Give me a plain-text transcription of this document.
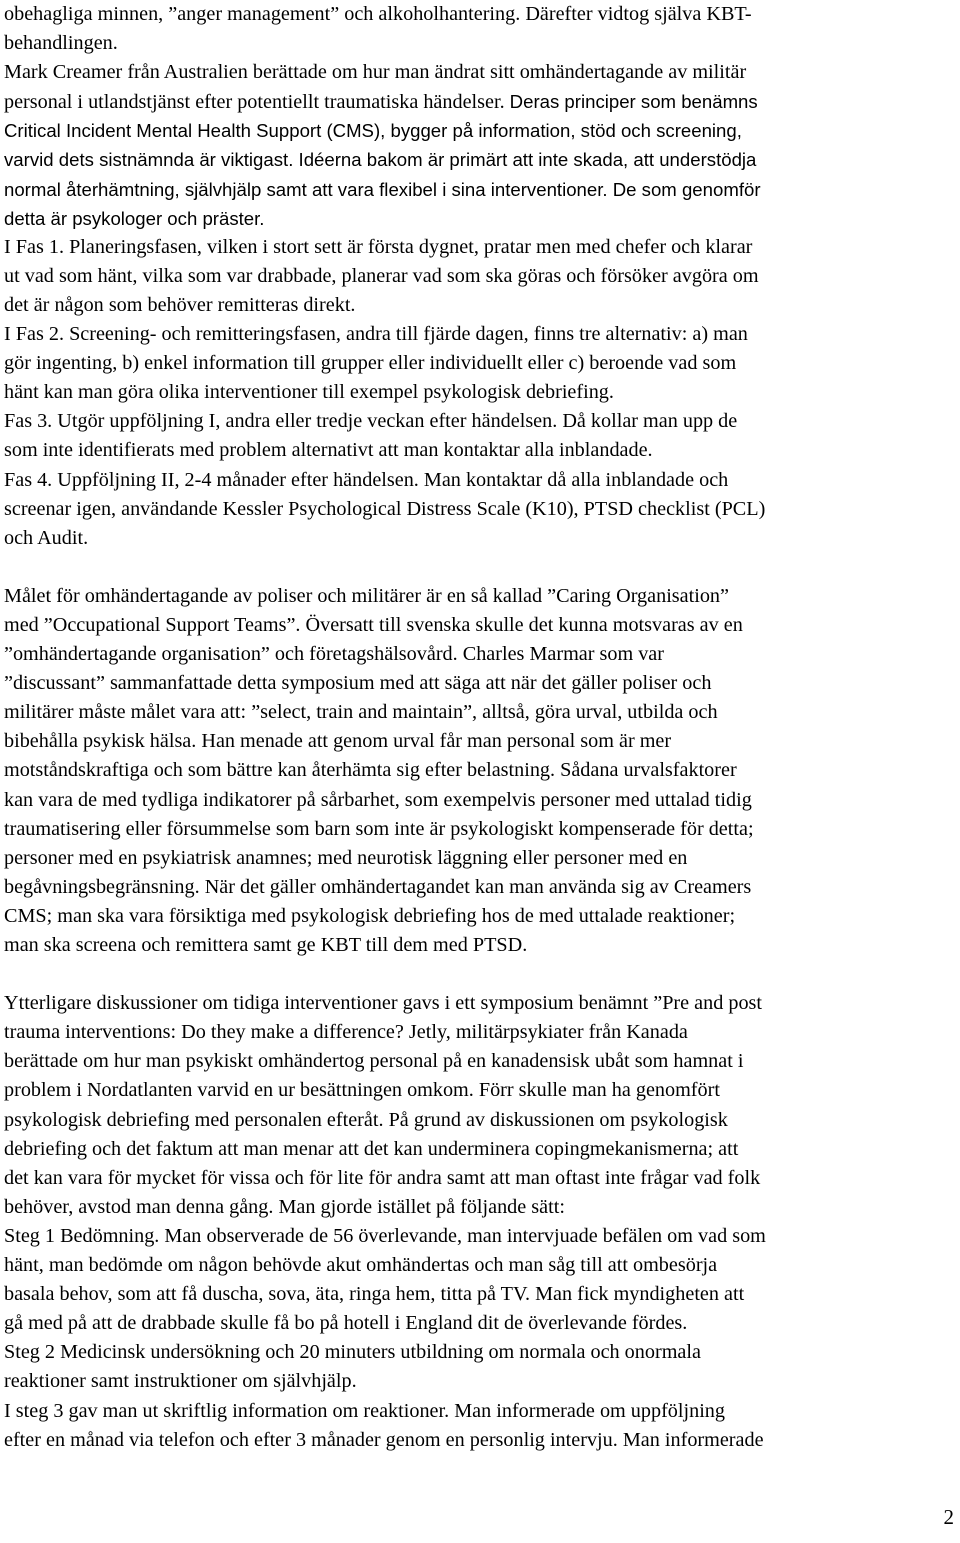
obehagliga minnen, ”anger management” och alkoholhantering. Därefter vidtog själva KBT-
behandlingen.
Mark Creamer från Australien berättade om hur man ändrat sitt omhändertagande av militär
personal i utlandstjänst efter potentiellt traumatiska händelser. Deras principer som benämns
Critical Incident Mental Health Support (CMS), bygger på information, stöd och screening,
varvid dets sistnämnda är viktigast. Idéerna bakom är primärt att inte skada, att understödja
normal återhämtning, självhjälp samt att vara flexibel i sina interventioner. De som genomför
detta är psykologer och präster.
I Fas 1. Planeringsfasen, vilken i stort sett är första dygnet, pratar men med chefer och klarar
ut vad som hänt, vilka som var drabbade, planerar vad som ska göras och försöker avgöra om
det är någon som behöver remitteras direkt.
I Fas 2. Screening- och remitteringsfasen, andra till fjärde dagen, finns tre alternativ: a) man
gör ingenting, b) enkel information till grupper eller individuellt eller c) beroende vad som
hänt kan man göra olika interventioner till exempel psykologisk debriefing.
Fas 3. Utgör uppföljning I, andra eller tredje veckan efter händelsen. Då kollar man upp de
som inte identifierats med problem alternativt att man kontaktar alla inblandade.
Fas 4. Uppföljning II, 2-4 månader efter händelsen. Man kontaktar då alla inblandade och
screenar igen, användande Kessler Psychological Distress Scale (K10), PTSD checklist (PCL)
och Audit.
Målet för omhändertagande av poliser och militärer är en så kallad ”Caring Organisation”
med ”Occupational Support Teams”. Översatt till svenska skulle det kunna motsvaras av en
”omhändertagande organisation” och företagshälsovård. Charles Marmar som var
”discussant” sammanfattade detta symposium med att säga att när det gäller poliser och
militärer måste målet vara att: ”select, train and maintain”, alltså, göra urval, utbilda och
bibehålla psykisk hälsa. Han menade att genom urval får man personal som är mer
motståndskraftiga och som bättre kan återhämta sig efter belastning. Sådana urvalsfaktorer
kan vara de med tydliga indikatorer på sårbarhet, som exempelvis personer med uttalad tidig
traumatisering eller försummelse som barn som inte är psykologiskt kompenserade för detta;
personer med en psykiatrisk anamnes; med neurotisk läggning eller personer med en
begåvningsbegränsning. När det gäller omhändertagandet kan man använda sig av Creamers
CMS; man ska vara försiktiga med psykologisk debriefing hos de med uttalade reaktioner;
man ska screena och remittera samt ge KBT till dem med PTSD.
Ytterligare diskussioner om tidiga interventioner gavs i ett symposium benämnt ”Pre and post
trauma interventions: Do they make a difference? Jetly, militärpsykiater från Kanada
berättade om hur man psykiskt omhändertog personal på en kanadensisk ubåt som hamnat i
problem i Nordatlanten varvid en ur besättningen omkom. Förr skulle man ha genomfört
psykologisk debriefing med personalen efteråt. På grund av diskussionen om psykologisk
debriefing och det faktum att man menar att det kan underminera copingmekanismerna; att
det kan vara för mycket för vissa och för lite för andra samt att man oftast inte frågar vad folk
behöver, avstod man denna gång. Man gjorde istället på följande sätt:
Steg 1 Bedömning. Man observerade de 56 överlevande, man intervjuade befälen om vad som
hänt, man bedömde om någon behövde akut omhändertas och man såg till att ombesörja
basala behov, som att få duscha, sova, äta, ringa hem, titta på TV. Man fick myndigheten att
gå med på att de drabbade skulle få bo på hotell i England dit de överlevande fördes.
Steg 2 Medicinsk undersökning och 20 minuters utbildning om normala och onormala
reaktioner samt instruktioner om självhjälp.
I steg 3 gav man ut skriftlig information om reaktioner. Man informerade om uppföljning
efter en månad via telefon och efter 3 månader genom en personlig intervju. Man informerade
2
